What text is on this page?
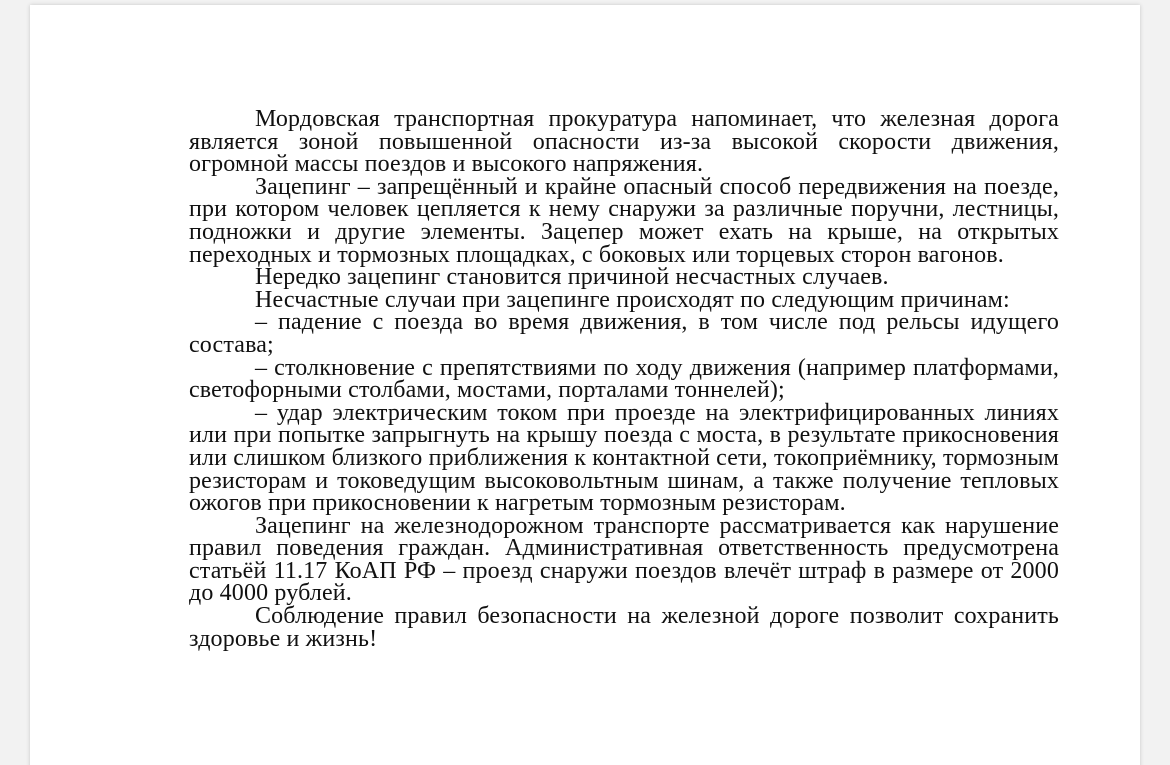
Мордовская транспортная прокуратура напоминает, что железная дорога является зоной повышенной опасности из-за высокой скорости движения, огромной массы поездов и высокого напряжения.

Зацепинг – запрещённый и крайне опасный способ передвижения на поезде, при котором человек цепляется к нему снаружи за различные поручни, лестницы, подножки и другие элементы. Зацепер может ехать на крыше, на открытых переходных и тормозных площадках, с боковых или торцевых сторон вагонов.

Нередко зацепинг становится причиной несчастных случаев.

Несчастные случаи при зацепинге происходят по следующим причинам:

– падение с поезда во время движения, в том числе под рельсы идущего состава;

– столкновение с препятствиями по ходу движения (например платформами, светофорными столбами, мостами, порталами тоннелей);

– удар электрическим током при проезде на электрифицированных линиях или при попытке запрыгнуть на крышу поезда с моста, в результате прикосновения или слишком близкого приближения к контактной сети, токоприёмнику, тормозным резисторам и токоведущим высоковольтным шинам, а также получение тепловых ожогов при прикосновении к нагретым тормозным резисторам.

Зацепинг на железнодорожном транспорте рассматривается как нарушение правил поведения граждан. Административная ответственность предусмотрена статьёй 11.17 КоАП РФ – проезд снаружи поездов влечёт штраф в размере от 2000 до 4000 рублей.

Соблюдение правил безопасности на железной дороге позволит сохранить здоровье и жизнь!
